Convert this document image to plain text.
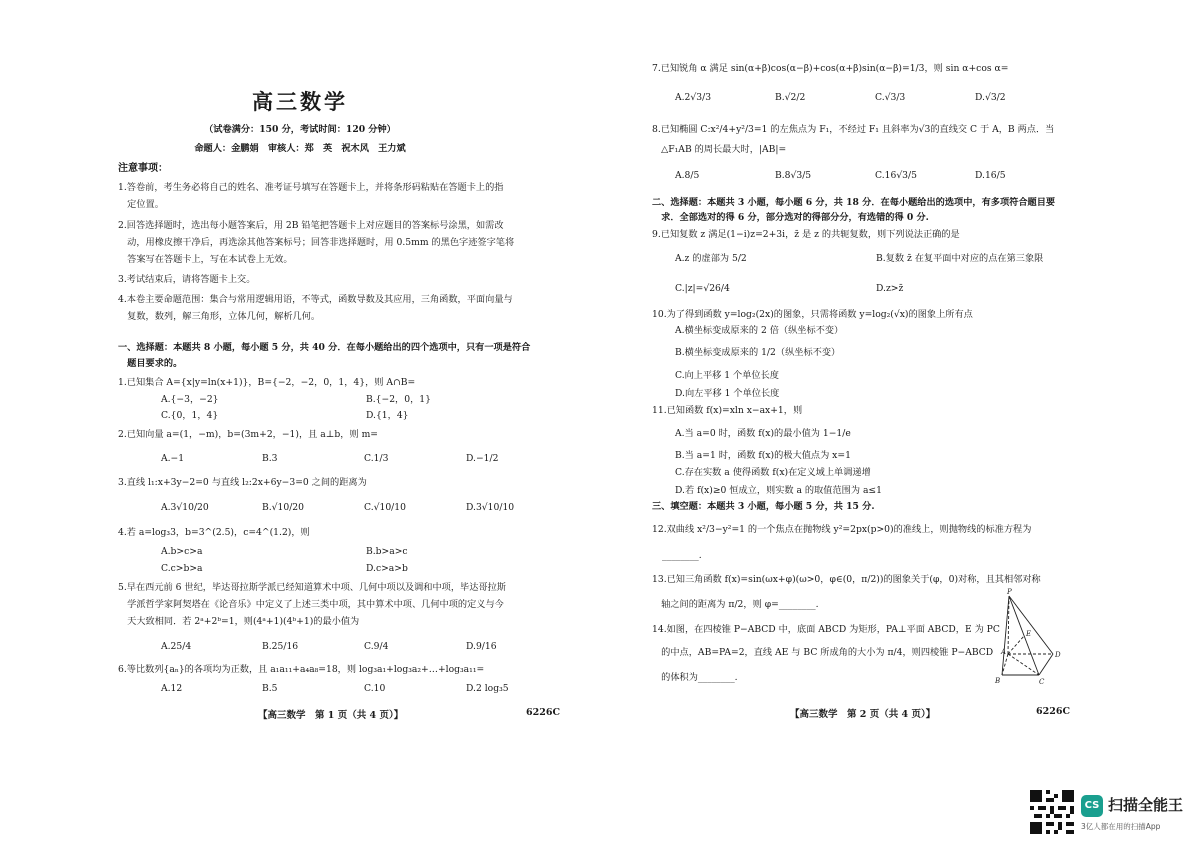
高三数学
（试卷满分：150 分，考试时间：120 分钟）
命题人：金鹏娟　审核人：郑　英　祝木风　王力斌
注意事项：
1.答卷前，考生务必将自己的姓名、准考证号填写在答题卡上，并将条形码粘贴在答题卡上的指
　定位置。
2.回答选择题时，选出每小题答案后，用 2B 铅笔把答题卡上对应题目的答案标号涂黑，如需改
　动，用橡皮擦干净后，再选涂其他答案标号；回答非选择题时，用 0.5mm 的黑色字迹签字笔将
　答案写在答题卡上，写在本试卷上无效。
3.考试结束后，请将答题卡上交。
4.本卷主要命题范围：集合与常用逻辑用语，不等式，函数导数及其应用，三角函数，平面向量与
　复数，数列，解三角形，立体几何，解析几何。
一、选择题：本题共 8 小题，每小题 5 分，共 40 分．在每小题给出的四个选项中，只有一项是符合
　题目要求的。
1.已知集合 A={x|y=ln(x+1)}，B={−2，−2，0，1，4}，则 A∩B=
A.{−3，−2}	B.{−2，0，1}
C.{0，1，4}	D.{1，4}
2.已知向量 a=(1，−m)，b=(3m+2，−1)，且 a⊥b，则 m=
A.−1	B.3	C.1/3	D.−1/2
3.直线 l₁:x+3y−2=0 与直线 l₂:2x+6y−3=0 之间的距离为
A.3√10/20	B.√10/20	C.√10/10	D.3√10/10
4.若 a=log₃3，b=3^(2.5)，c=4^(1.2)，则
A.b>c>a	B.b>a>c
C.c>b>a	D.c>a>b
5.早在西元前 6 世纪，毕达哥拉斯学派已经知道算术中项、几何中项以及调和中项，毕达哥拉斯
　学派哲学家阿契塔在《论音乐》中定义了上述三类中项，其中算术中项、几何中项的定义与今
　天大致相同．若 2ᵃ+2ᵇ=1，则(4ᵃ+1)(4ᵇ+1)的最小值为
A.25/4	B.25/16	C.9/4	D.9/16
6.等比数列{aₙ}的各项均为正数，且 a₁a₁₁+a₄a₈=18，则 log₃a₁+log₃a₂+…+log₃a₁₁=
A.12	B.5	C.10	D.2 log₃5
【高三数学　第 1 页（共 4 页）】	6226C
7.已知锐角 α 满足 sin(α+β)cos(α−β)+cos(α+β)sin(α−β)=1/3，则 sin α+cos α=
A.2√3/3	B.√2/2	C.√3/3	D.√3/2
8.已知椭圆 C:x²/4+y²/3=1 的左焦点为 F₁，不经过 F₁ 且斜率为√3的直线交 C 于 A，B 两点．当
　△F₁AB 的周长最大时，|AB|=
A.8/5	B.8√3/5	C.16√3/5	D.16/5
二、选择题：本题共 3 小题，每小题 6 分，共 18 分．在每小题给出的选项中，有多项符合题目要
　求．全部选对的得 6 分，部分选对的得部分分，有选错的得 0 分.
9.已知复数 z 满足(1−i)z=2+3i，z̄ 是 z 的共轭复数，则下列说法正确的是
A.z 的虚部为 5/2	B.复数 z̄ 在复平面中对应的点在第三象限
C.|z|=√26/4	D.z>z̄
10.为了得到函数 y=log₂(2x)的图象，只需将函数 y=log₂(√x)的图象上所有点
A.横坐标变成原来的 2 倍（纵坐标不变）
B.横坐标变成原来的 1/2（纵坐标不变）
C.向上平移 1 个单位长度
D.向左平移 1 个单位长度
11.已知函数 f(x)=xln x−ax+1，则
A.当 a=0 时，函数 f(x)的最小值为 1−1/e
B.当 a=1 时，函数 f(x)的极大值点为 x=1
C.存在实数 a 使得函数 f(x)在定义域上单调递增
D.若 f(x)≥0 恒成立，则实数 a 的取值范围为 a≤1
三、填空题：本题共 3 小题，每小题 5 分，共 15 分.
12.双曲线 x²/3−y²=1 的一个焦点在抛物线 y²=2px(p>0)的准线上，则抛物线的标准方程为
________.
13.已知三角函数 f(x)=sin(ωx+φ)(ω>0，φ∈(0，π/2))的图象关于(φ，0)对称，且其相邻对称
　轴之间的距离为 π/2，则 φ=________.
14.如图，在四棱锥 P−ABCD 中，底面 ABCD 为矩形，PA⊥平面 ABCD，E 为 PC
　的中点，AB=PA=2，直线 AE 与 BC 所成角的大小为 π/4，则四棱锥 P−ABCD
　的体积为________.
P
E
A	D
B	C
【高三数学　第 2 页（共 4 页）】	6226C
CS 扫描全能王
3亿人都在用的扫描App
